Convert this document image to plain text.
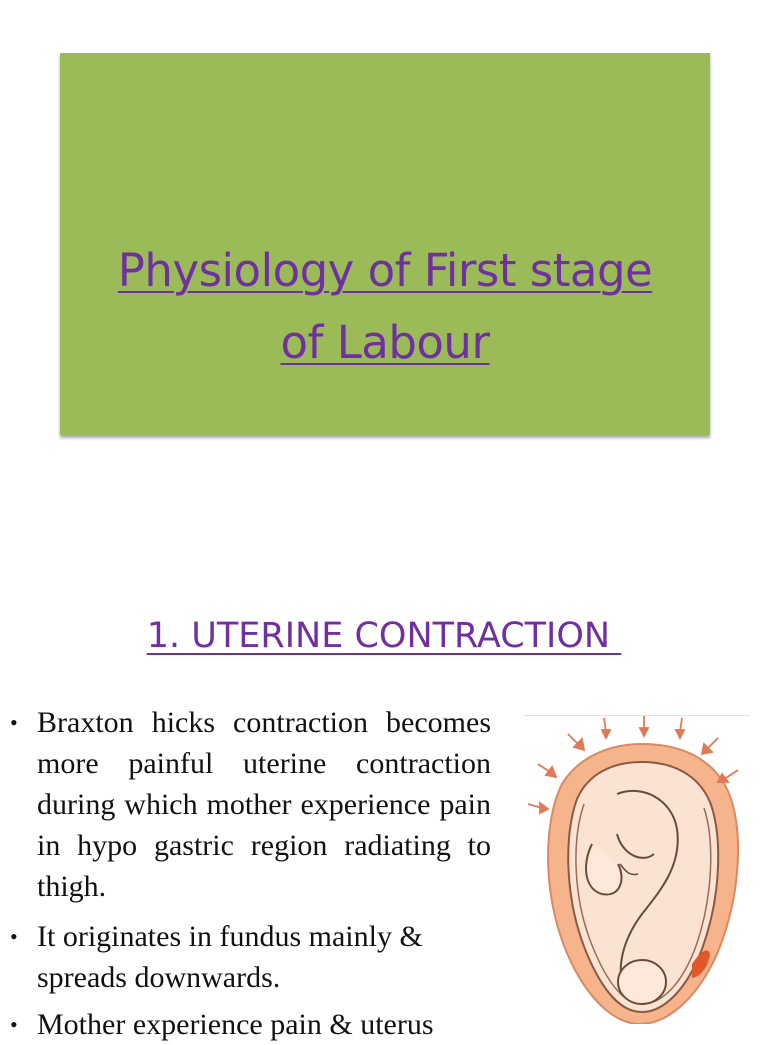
Physiology of First stage
of Labour
1. UTERINE CONTRACTION
• Braxton hicks contraction becomes more painful uterine contraction during which mother experience pain in hypo gastric region radiating to thigh.
• It originates in fundus mainly & spreads downwards.
• Mother experience pain & uterus
